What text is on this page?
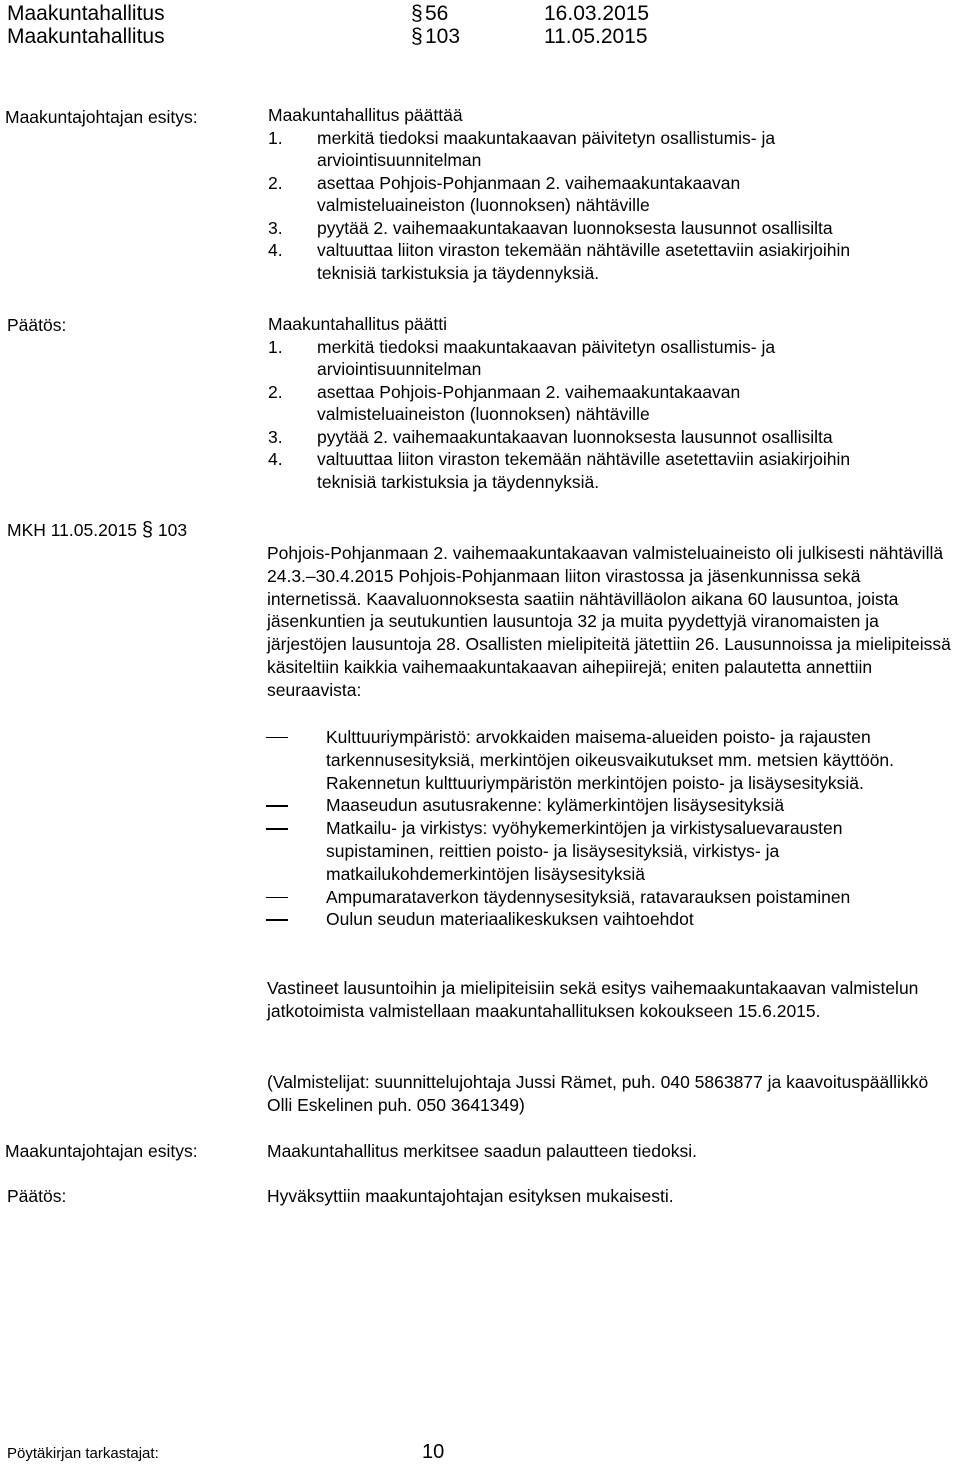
Maakuntahallitus	§ 56	16.03.2015
Maakuntahallitus	§ 103	11.05.2015
Maakuntajohtajan esitys:	Maakuntahallitus päättää
1. merkitä tiedoksi maakuntakaavan päivitetyn osallistumis- ja
arviointisuunnitelman
2. asettaa Pohjois-Pohjanmaan 2. vaihemaakuntakaavan
valmisteluaineiston (luonnoksen) nähtäville
3. pyytää 2. vaihemaakuntakaavan luonnoksesta lausunnot osallisilta
4. valtuuttaa liiton viraston tekemään nähtäville asetettaviin asiakirjoihin
teknisiä tarkistuksia ja täydennyksiä.
Päätös:	Maakuntahallitus päätti
1. merkitä tiedoksi maakuntakaavan päivitetyn osallistumis- ja
arviointisuunnitelman
2. asettaa Pohjois-Pohjanmaan 2. vaihemaakuntakaavan
valmisteluaineiston (luonnoksen) nähtäville
3. pyytää 2. vaihemaakuntakaavan luonnoksesta lausunnot osallisilta
4. valtuuttaa liiton viraston tekemään nähtäville asetettaviin asiakirjoihin
teknisiä tarkistuksia ja täydennyksiä.
MKH 11.05.2015 § 103
Pohjois-Pohjanmaan 2. vaihemaakuntakaavan valmisteluaineisto oli julkisesti nähtävillä 24.3.–30.4.2015 Pohjois-Pohjanmaan liiton virastossa ja jäsenkunnissa sekä internetissä. Kaavaluonnoksesta saatiin nähtävilläolon aikana 60 lausuntoa, joista jäsenkuntien ja seutukuntien lausuntoja 32 ja muita pyydettyjä viranomaisten ja järjestöjen lausuntoja 28. Osallisten mielipiteitä jätettiin 26. Lausunnoissa ja mielipiteissä käsiteltiin kaikkia vaihemaakuntakaavan aihepiirejä; eniten palautetta annettiin seuraavista:
Kulttuuriympäristö: arvokkaiden maisema-alueiden poisto- ja rajausten tarkennusesityksiä, merkintöjen oikeusvaikutukset mm. metsien käyttöön. Rakennetun kulttuuriympäristön merkintöjen poisto- ja lisäysesityksiä.
Maaseudun asutusrakenne: kylämerkintöjen lisäysesityksiä
Matkailu- ja virkistys: vyöhykemerkintöjen ja virkistysaluevarausten supistaminen, reittien poisto- ja lisäysesityksiä, virkistys- ja matkailukohdemerkintöjen lisäysesityksiä
Ampumarataverkon täydennysesityksiä, ratavarauksen poistaminen
Oulun seudun materiaalikeskuksen vaihtoehdot
Vastineet lausuntoihin ja mielipiteisiin sekä esitys vaihemaakuntakaavan valmistelun jatkotoimista valmistellaan maakuntahallituksen kokoukseen 15.6.2015.
(Valmistelijat: suunnittelujohtaja Jussi Rämet, puh. 040 5863877 ja kaavoituspäällikkö Olli Eskelinen puh. 050 3641349)
Maakuntajohtajan esitys:	Maakuntahallitus merkitsee saadun palautteen tiedoksi.
Päätös:	Hyväksyttiin maakuntajohtajan esityksen mukaisesti.
Pöytäkirjan tarkastajat:	10
